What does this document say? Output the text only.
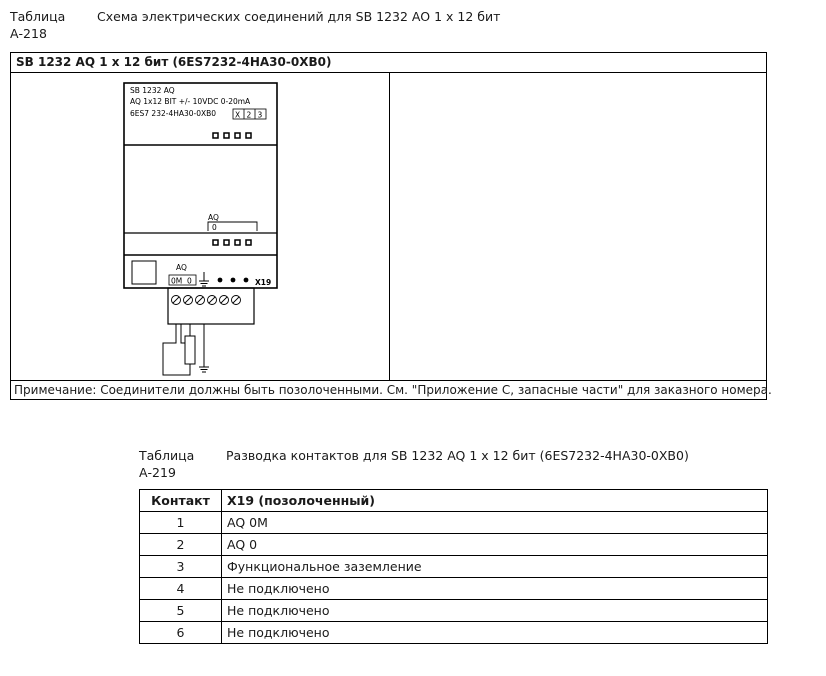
Таблица
А-218
Схема электрических соединений для SB 1232 AO 1 x 12 бит
SB 1232 AQ 1 x 12 бит (6ES7232-4HA30-0XB0)
Примечание: Соединители должны быть позолоченными. См. "Приложение С, запасные части" для заказного номера.
SB 1232 AQ
AQ 1x12 BIT +/- 10VDC 0-20mA
6ES7 232-4HA30-0XB0	X 2 3
AQ
0
AQ
0M 0	X19
Таблица
А-219
Разводка контактов для SB 1232 AQ 1 x 12 бит (6ES7232-4HA30-0XB0)
Контакт	X19 (позолоченный)
1	AQ 0M
2	AQ 0
3	Функциональное заземление
4	Не подключено
5	Не подключено
6	Не подключено
